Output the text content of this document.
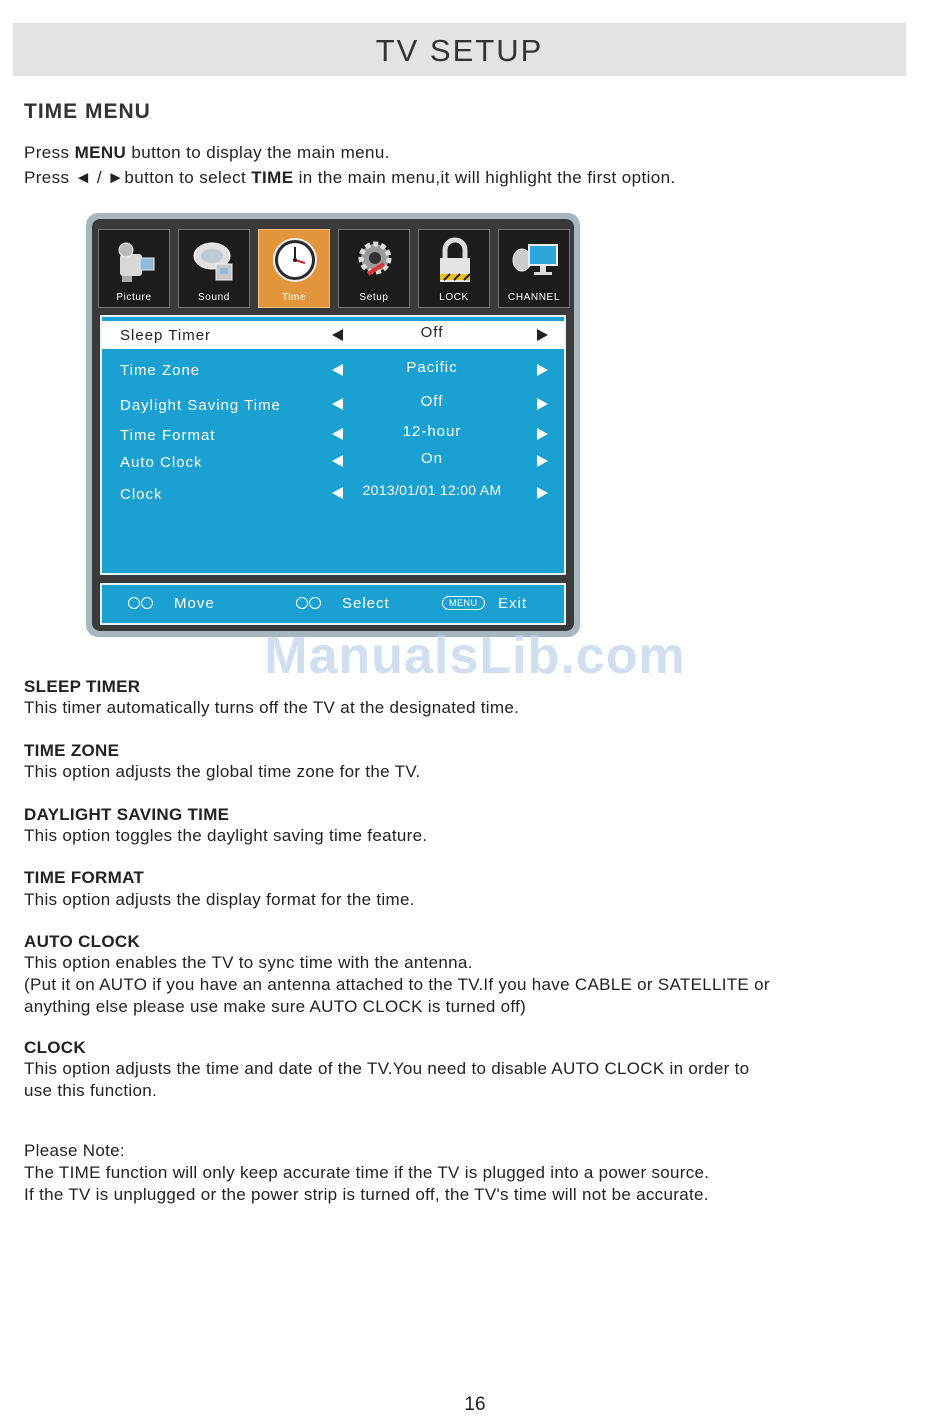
TV SETUP
TIME MENU
Press MENU button to display the main menu.
Press ◄ / ►button to select TIME in the main menu,it will highlight the first option.
Picture	Sound	Time	Setup	LOCK	CHANNEL
Sleep Timer	Off
Time Zone	Pacific
Daylight Saving Time	Off
Time Format	12-hour
Auto Clock	On
Clock	2013/01/01 12:00 AM
Move	Select	MENU	Exit
ManualsLib.com
SLEEP TIMER
This timer automatically turns off the TV at the designated time.
TIME ZONE
This option adjusts the global time zone for the TV.
DAYLIGHT SAVING TIME
This option toggles the daylight saving time feature.
TIME FORMAT
This option adjusts the display format for the time.
AUTO CLOCK
This option enables the TV to sync time with the antenna.
(Put it on AUTO if you have an antenna attached to the TV.If you have CABLE or SATELLITE or
anything else please use make sure AUTO CLOCK is turned off)
CLOCK
This option adjusts the time and date of the TV.You need to disable AUTO CLOCK in order to
use this function.
Please Note:
The TIME function will only keep accurate time if the TV is plugged into a power source.
If the TV is unplugged or the power strip is turned off, the TV's time will not be accurate.
16
